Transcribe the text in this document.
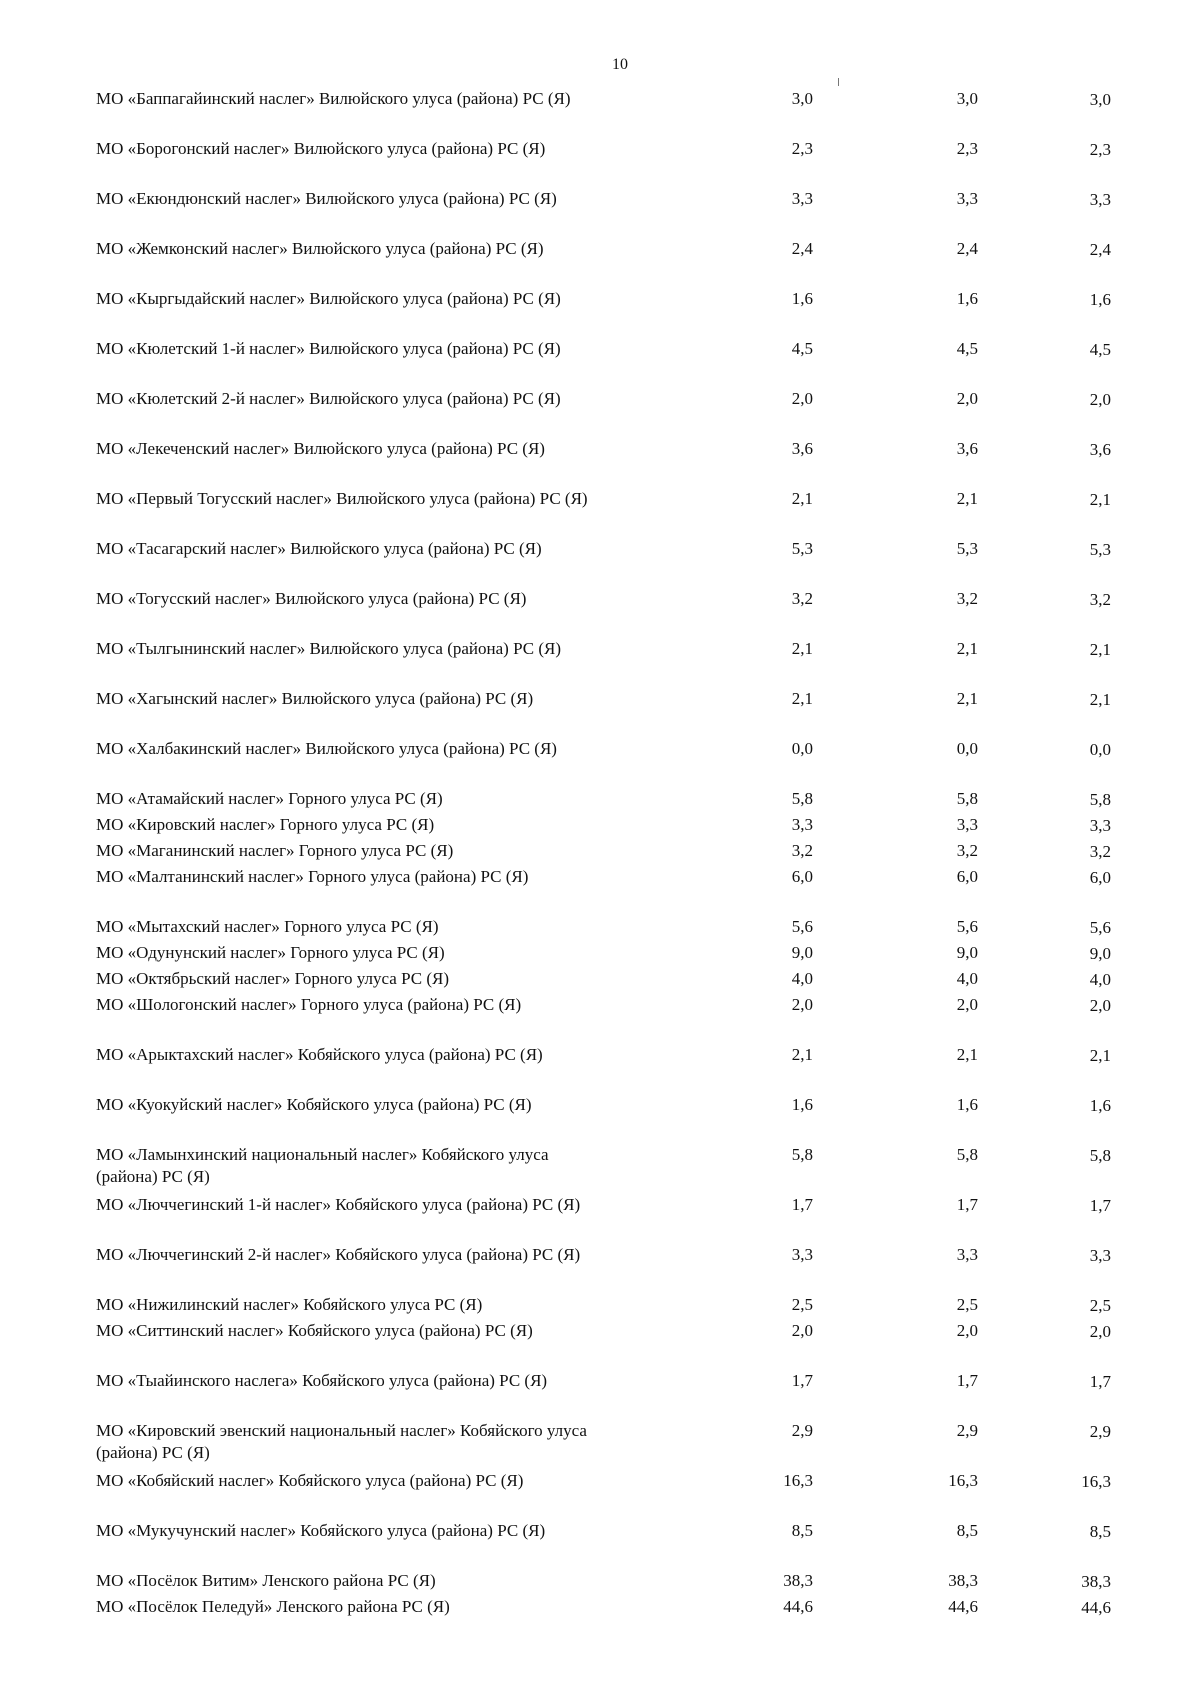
10
МО «Баппагайинский наслег» Вилюйского улуса (района) РС (Я)	3,0	3,0	3,0

МО «Борогонский наслег» Вилюйского улуса (района) РС (Я)	2,3	2,3	2,3

МО «Екюндюнский наслег» Вилюйского улуса (района) РС (Я)	3,3	3,3	3,3

МО «Жемконский наслег» Вилюйского улуса (района) РС (Я)	2,4	2,4	2,4

МО «Кыргыдайский наслег» Вилюйского улуса (района) РС (Я)	1,6	1,6	1,6

МО «Кюлетский 1-й наслег» Вилюйского улуса (района) РС (Я)	4,5	4,5	4,5

МО «Кюлетский 2-й наслег» Вилюйского улуса (района) РС (Я)	2,0	2,0	2,0

МО «Лекеченский наслег» Вилюйского улуса (района) РС (Я)	3,6	3,6	3,6

МО «Первый Тогусский наслег» Вилюйского улуса (района) РС (Я)	2,1	2,1	2,1

МО «Тасагарский наслег» Вилюйского улуса (района) РС (Я)	5,3	5,3	5,3

МО «Тогусский наслег» Вилюйского улуса (района) РС (Я)	3,2	3,2	3,2

МО «Тылгынинский наслег» Вилюйского улуса (района) РС (Я)	2,1	2,1	2,1

МО «Хагынский наслег» Вилюйского улуса (района) РС (Я)	2,1	2,1	2,1

МО «Халбакинский наслег» Вилюйского улуса (района) РС (Я)	0,0	0,0	0,0

МО «Атамайский наслег» Горного улуса РС (Я)	5,8	5,8	5,8

МО «Кировский наслег» Горного улуса РС (Я)	3,3	3,3	3,3

МО «Маганинский наслег» Горного улуса РС (Я)	3,2	3,2	3,2

МО «Малтанинский наслег» Горного улуса (района) РС (Я)	6,0	6,0	6,0

МО «Мытахский наслег» Горного улуса РС (Я)	5,6	5,6	5,6

МО «Одунунский наслег» Горного улуса РС (Я)	9,0	9,0	9,0

МО «Октябрьский наслег» Горного улуса РС (Я)	4,0	4,0	4,0

МО «Шологонский наслег» Горного улуса (района) РС (Я)	2,0	2,0	2,0

МО «Арыктахский наслег» Кобяйского улуса (района) РС (Я)	2,1	2,1	2,1

МО «Куокуйский наслег» Кобяйского улуса (района) РС (Я)	1,6	1,6	1,6

МО «Ламынхинский национальный наслег» Кобяйского улуса (района) РС (Я)	5,8	5,8	5,8

МО «Люччегинский 1-й наслег» Кобяйского улуса (района) РС (Я)	1,7	1,7	1,7

МО «Люччегинский 2-й наслег» Кобяйского улуса (района) РС (Я)	3,3	3,3	3,3

МО «Нижилинский наслег» Кобяйского улуса РС (Я)	2,5	2,5	2,5

МО «Ситтинский наслег» Кобяйского улуса (района) РС (Я)	2,0	2,0	2,0

МО «Тыайинского наслега» Кобяйского улуса (района) РС (Я)	1,7	1,7	1,7

МО «Кировский эвенский национальный наслег» Кобяйского улуса (района) РС (Я)	2,9	2,9	2,9

МО «Кобяйский наслег» Кобяйского улуса (района) РС (Я)	16,3	16,3	16,3

МО «Мукучунский наслег» Кобяйского улуса (района) РС (Я)	8,5	8,5	8,5

МО «Посёлок Витим» Ленского района РС (Я)	38,3	38,3	38,3

МО «Посёлок Пеледуй» Ленского района РС (Я)	44,6	44,6	44,6
